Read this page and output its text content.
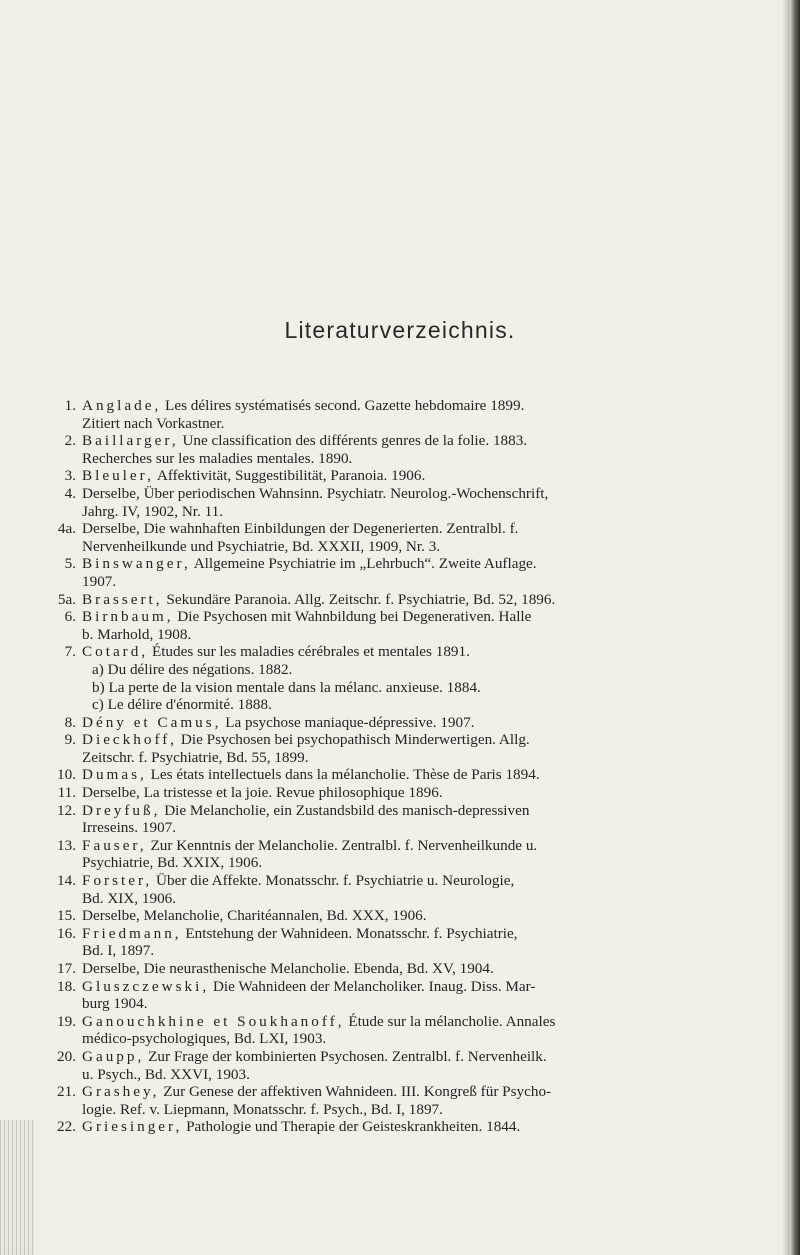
Literaturverzeichnis.
1. Anglade, Les délires systématisés second. Gazette hebdomaire 1899.
Zitiert nach Vorkastner.
2. Baillarger, Une classification des différents genres de la folie. 1883.
Recherches sur les maladies mentales. 1890.
3. Bleuler, Affektivität, Suggestibilität, Paranoia. 1906.
4. Derselbe, Über periodischen Wahnsinn. Psychiatr. Neurolog.-Wochenschrift,
Jahrg. IV, 1902, Nr. 11.
4a. Derselbe, Die wahnhaften Einbildungen der Degenerierten. Zentralbl. f.
Nervenheilkunde und Psychiatrie, Bd. XXXII, 1909, Nr. 3.
5. Binswanger, Allgemeine Psychiatrie im „Lehrbuch“. Zweite Auflage.
1907.
5a. Brassert, Sekundäre Paranoia. Allg. Zeitschr. f. Psychiatrie, Bd. 52, 1896.
6. Birnbaum, Die Psychosen mit Wahnbildung bei Degenerativen. Halle
b. Marhold, 1908.
7. Cotard, Études sur les maladies cérébrales et mentales 1891.
a) Du délire des négations. 1882.
b) La perte de la vision mentale dans la mélanc. anxieuse. 1884.
c) Le délire d'énormité. 1888.
8. Dény et Camus, La psychose maniaque-dépressive. 1907.
9. Dieckhoff, Die Psychosen bei psychopathisch Minderwertigen. Allg.
Zeitschr. f. Psychiatrie, Bd. 55, 1899.
10. Dumas, Les états intellectuels dans la mélancholie. Thèse de Paris 1894.
11. Derselbe, La tristesse et la joie. Revue philosophique 1896.
12. Dreyfuß, Die Melancholie, ein Zustandsbild des manisch-depressiven
Irreseins. 1907.
13. Fauser, Zur Kenntnis der Melancholie. Zentralbl. f. Nervenheilkunde u.
Psychiatrie, Bd. XXIX, 1906.
14. Forster, Über die Affekte. Monatsschr. f. Psychiatrie u. Neurologie,
Bd. XIX, 1906.
15. Derselbe, Melancholie, Charitéannalen, Bd. XXX, 1906.
16. Friedmann, Entstehung der Wahnideen. Monatsschr. f. Psychiatrie,
Bd. I, 1897.
17. Derselbe, Die neurasthenische Melancholie. Ebenda, Bd. XV, 1904.
18. Gluszczewski, Die Wahnideen der Melancholiker. Inaug. Diss. Mar-
burg 1904.
19. Ganouchkhine et Soukhanoff, Étude sur la mélancholie. Annales
médico-psychologiques, Bd. LXI, 1903.
20. Gaupp, Zur Frage der kombinierten Psychosen. Zentralbl. f. Nervenheilk.
u. Psych., Bd. XXVI, 1903.
21. Grashey, Zur Genese der affektiven Wahnideen. III. Kongreß für Psycho-
logie. Ref. v. Liepmann, Monatsschr. f. Psych., Bd. I, 1897.
22. Griesinger, Pathologie und Therapie der Geisteskrankheiten. 1844.
